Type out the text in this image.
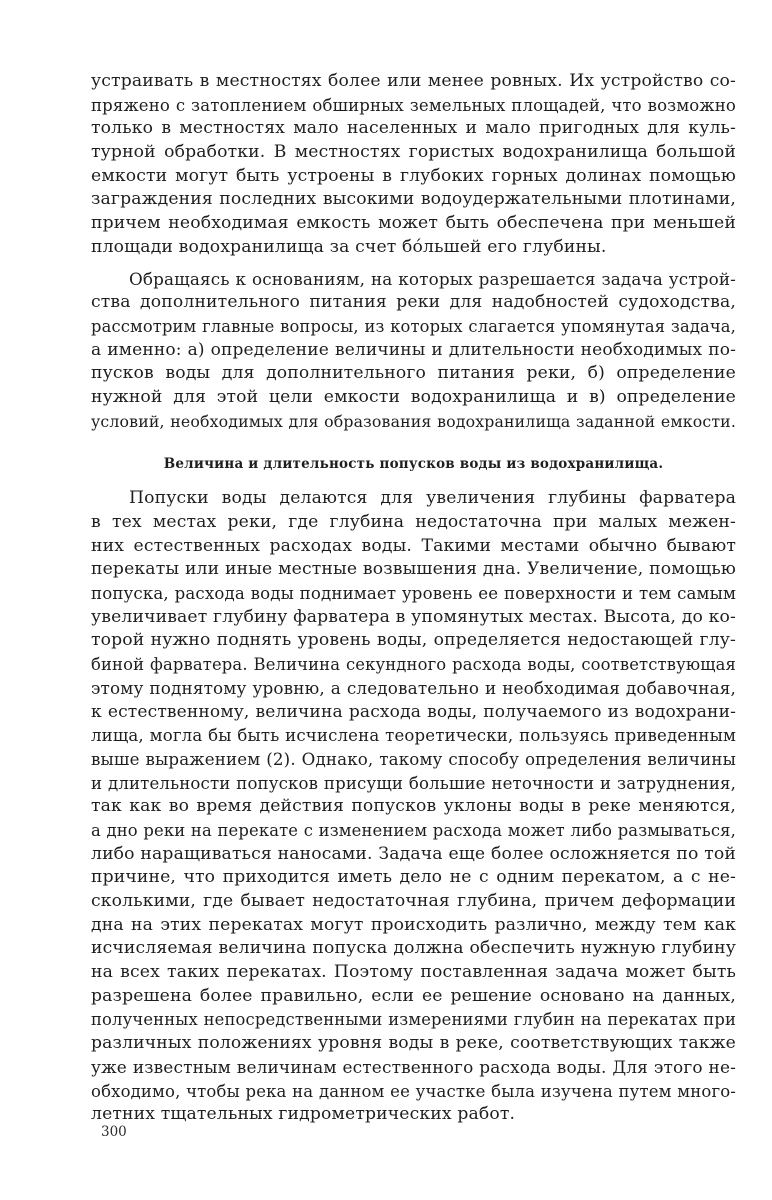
устраивать в местностях более или менее ровных. Их устройство со-
пряжено с затоплением обширных земельных площадей, что возможно
только в местностях мало населенных и мало пригодных для куль-
турной обработки. В местностях гористых водохранилища большой
емкости могут быть устроены в глубоких горных долинах помощью
заграждения последних высокими водоудержательными плотинами,
причем необходимая емкость может быть обеспечена при меньшей
площади водохранилища за счет бо́льшей его глубины.
Обращаясь к основаниям, на которых разрешается задача устрой-
ства дополнительного питания реки для надобностей судоходства,
рассмотрим главные вопросы, из которых слагается упомянутая задача,
а именно: а) определение величины и длительности необходимых по-
пусков воды для дополнительного питания реки, б) определение
нужной для этой цели емкости водохранилища и в) определение
условий, необходимых для образования водохранилища заданной емкости.
Величина и длительность попусков воды из водохранилища.
Попуски воды делаются для увеличения глубины фарватера
в тех местах реки, где глубина недостаточна при малых межен-
них естественных расходах воды. Такими местами обычно бывают
перекаты или иные местные возвышения дна. Увеличение, помощью
попуска, расхода воды поднимает уровень ее поверхности и тем самым
увеличивает глубину фарватера в упомянутых местах. Высота, до ко-
торой нужно поднять уровень воды, определяется недостающей глу-
биной фарватера. Величина секундного расхода воды, соответствующая
этому поднятому уровню, а следовательно и необходимая добавочная,
к естественному, величина расхода воды, получаемого из водохрани-
лища, могла бы быть исчислена теоретически, пользуясь приведенным
выше выражением (2). Однако, такому способу определения величины
и длительности попусков присущи большие неточности и затруднения,
так как во время действия попусков уклоны воды в реке меняются,
а дно реки на перекате с изменением расхода может либо размываться,
либо наращиваться наносами. Задача еще более осложняется по той
причине, что приходится иметь дело не с одним перекатом, а с не-
сколькими, где бывает недостаточная глубина, причем деформации
дна на этих перекатах могут происходить различно, между тем как
исчисляемая величина попуска должна обеспечить нужную глубину
на всех таких перекатах. Поэтому поставленная задача может быть
разрешена более правильно, если ее решение основано на данных,
полученных непосредственными измерениями глубин на перекатах при
различных положениях уровня воды в реке, соответствующих также
уже известным величинам естественного расхода воды. Для этого не-
обходимо, чтобы река на данном ее участке была изучена путем много-
летних тщательных гидрометрических работ.
300
